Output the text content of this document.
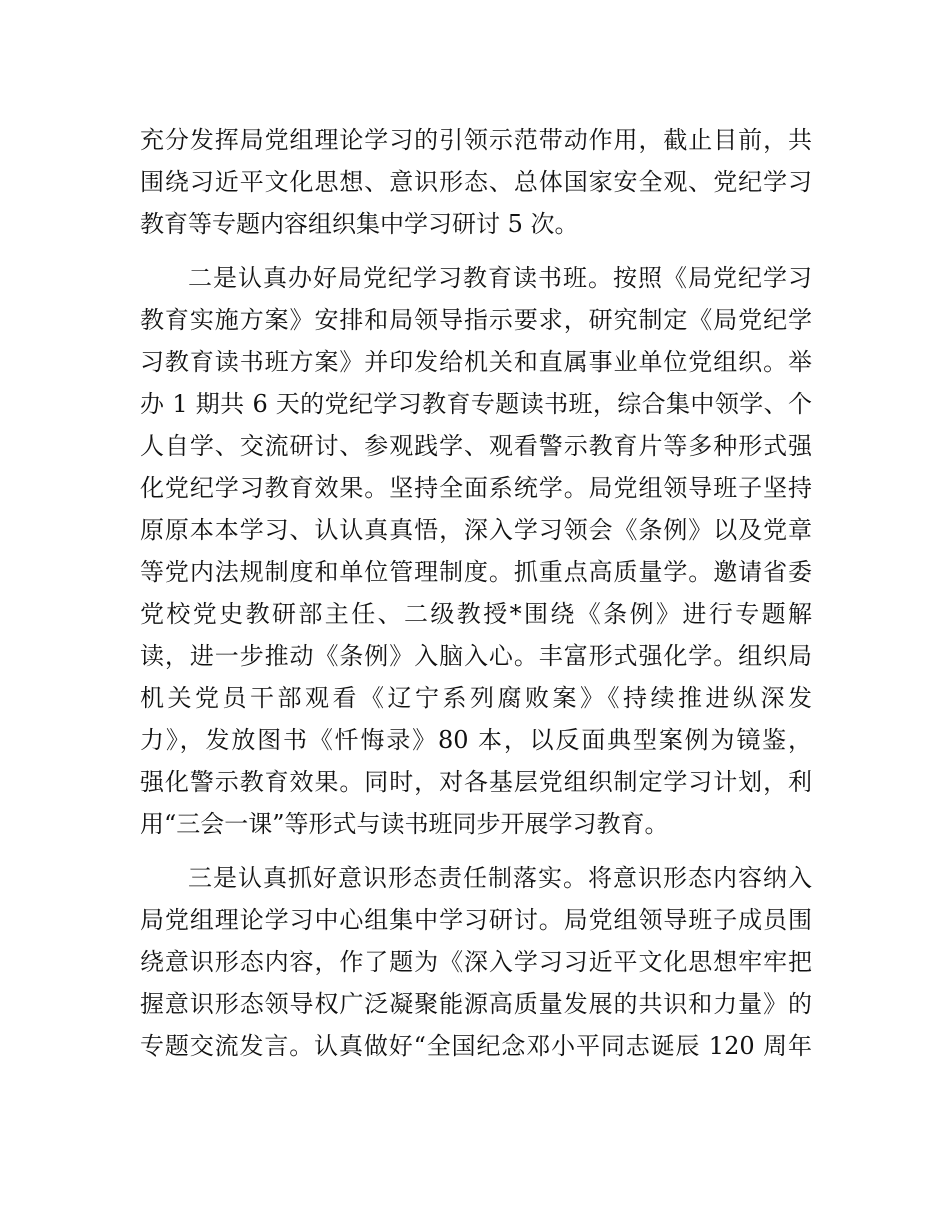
充分发挥局党组理论学习的引领示范带动作用，截止目前，共
围绕习近平文化思想、意识形态、总体国家安全观、党纪学习
教育等专题内容组织集中学习研讨 5 次。
二是认真办好局党纪学习教育读书班。按照《局党纪学习
教育实施方案》安排和局领导指示要求，研究制定《局党纪学
习教育读书班方案》并印发给机关和直属事业单位党组织。举
办 1 期共 6 天的党纪学习教育专题读书班，综合集中领学、个
人自学、交流研讨、参观践学、观看警示教育片等多种形式强
化党纪学习教育效果。坚持全面系统学。局党组领导班子坚持
原原本本学习、认认真真悟，深入学习领会《条例》以及党章
等党内法规制度和单位管理制度。抓重点高质量学。邀请省委
党校党史教研部主任、二级教授*围绕《条例》进行专题解
读，进一步推动《条例》入脑入心。丰富形式强化学。组织局
机关党员干部观看《辽宁系列腐败案》《持续推进纵深发
力》，发放图书《忏悔录》80 本，以反面典型案例为镜鉴，
强化警示教育效果。同时，对各基层党组织制定学习计划，利
用“三会一课”等形式与读书班同步开展学习教育。
三是认真抓好意识形态责任制落实。将意识形态内容纳入
局党组理论学习中心组集中学习研讨。局党组领导班子成员围
绕意识形态内容，作了题为《深入学习习近平文化思想牢牢把
握意识形态领导权广泛凝聚能源高质量发展的共识和力量》的
专题交流发言。认真做好“全国纪念邓小平同志诞辰 120 周年
